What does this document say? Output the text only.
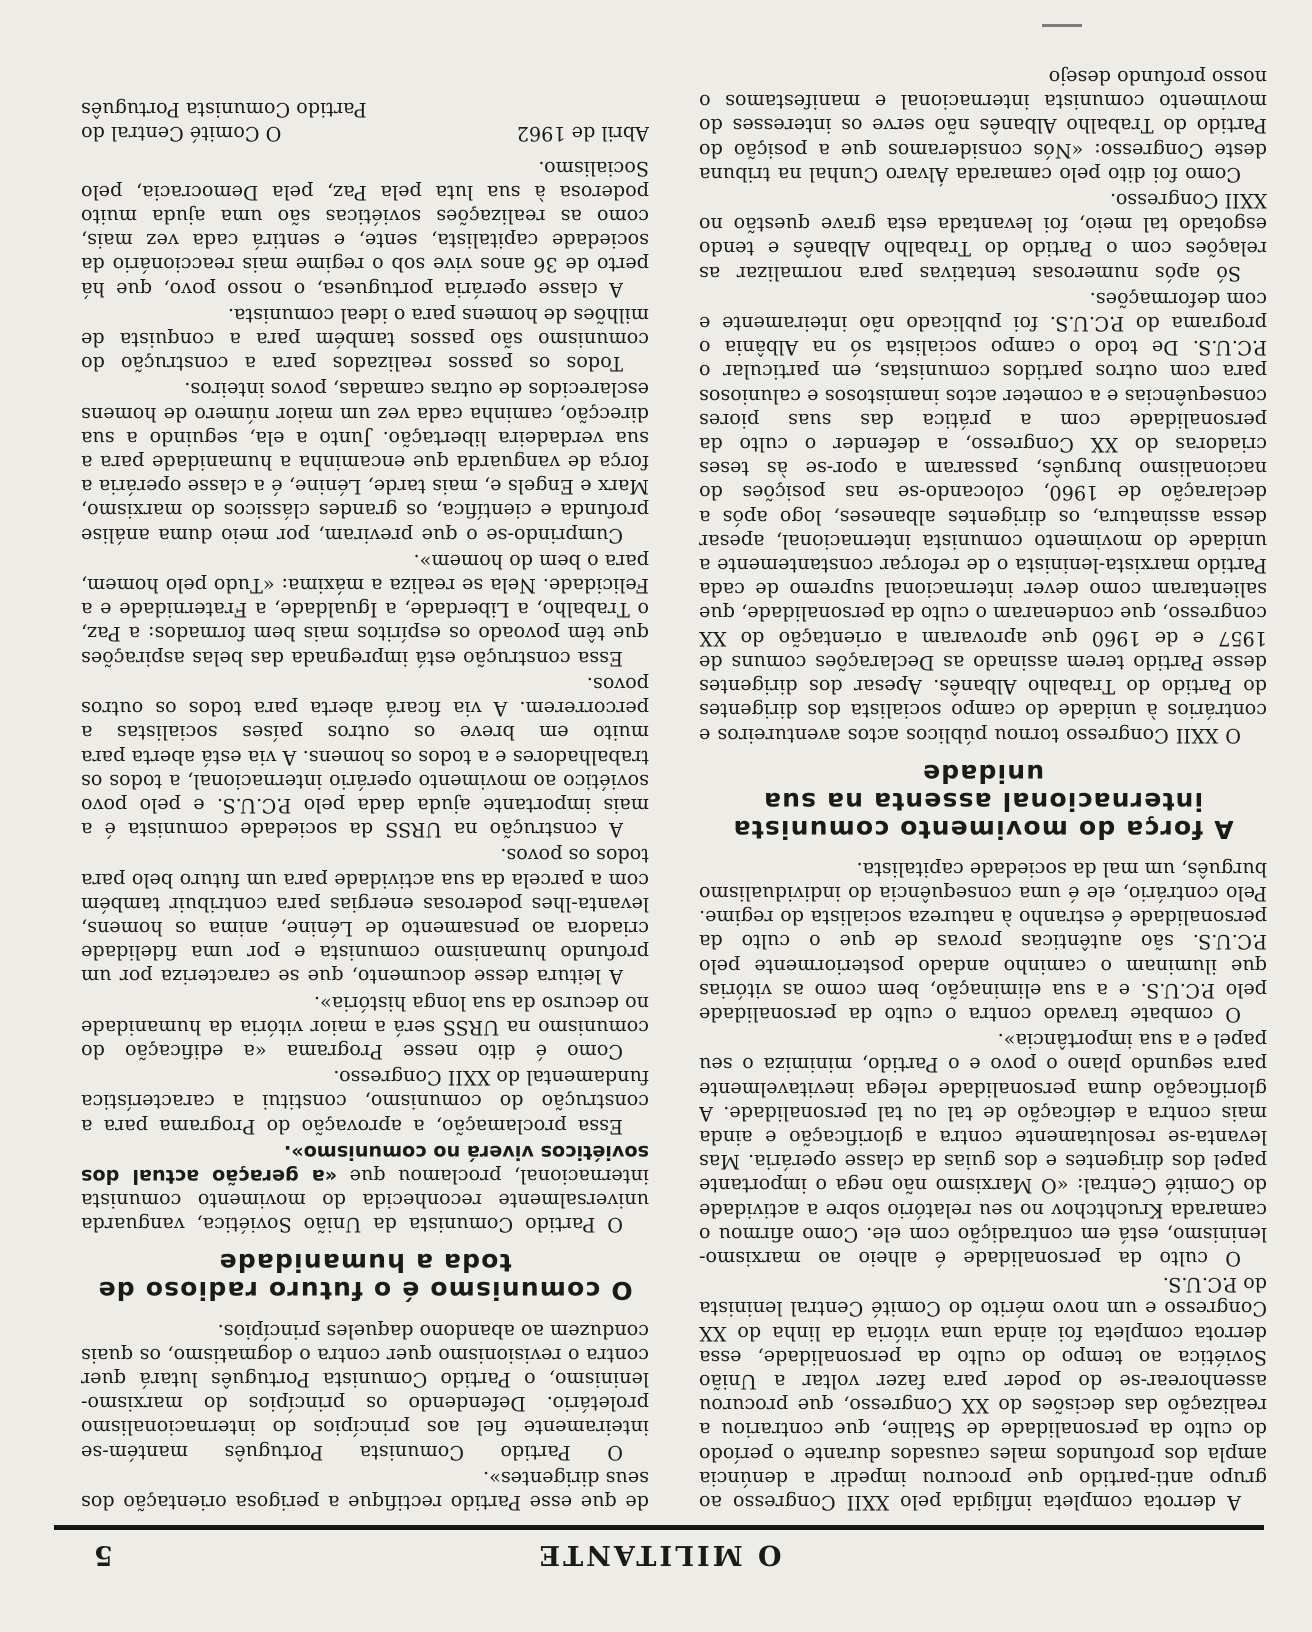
O MILITANTE
5

A derrota completa infligida pelo XXII Congresso ao grupo anti-partido que procurou impedir a denúncia ampla dos profundos males causados durante o período do culto da personalidade de Staline, que contrariou a realização das decisões do XX Congresso, que procurou assenhorear-se do poder para fazer voltar a União Soviética ao tempo do culto da personalidade, essa derrota completa foi ainda uma vitória da linha do XX Congresso e um novo mérito do Comité Central leninista do P.C.U.S.

O culto da personalidade é alheio ao marxismo-leninismo, está em contradição com ele. Como afirmou o camarada Kruchtchov no seu relatório sobre a actividade do Comité Central: «O Marxismo não nega o importante papel dos dirigentes e dos guias da classe operária. Mas levanta-se resolutamente contra a glorificação e ainda mais contra a deificação de tal ou tal personalidade. A glorificação duma personalidade relega inevitavelmente para segundo plano o povo e o Partido, minimiza o seu papel e a sua importância».

O combate travado contra o culto da personalidade pelo P.C.U.S. e a sua eliminação, bem como as vitórias que iluminam o caminho andado posteriormente pelo P.C.U.S. são autênticas provas de que o culto da personalidade é estranho à natureza socialista do regime. Pelo contrário, ele é uma consequência do individualismo burguês, um mal da sociedade capitalista.

A força do movimento comunista internacional assenta na sua unidade

O XXII Congresso tornou públicos actos aventureiros e contrários à unidade do campo socialista dos dirigentes do Partido do Trabalho Albanês. Apesar dos dirigentes desse Partido terem assinado as Declarações comuns de 1957 e de 1960 que aprovaram a orientação do XX congresso, que condenaram o culto da personalidade, que salientaram como dever internacional supremo de cada Partido marxista-leninista o de reforçar constantemente a unidade do movimento comunista internacional, apesar dessa assinatura, os dirigentes albaneses, logo após a declaração de 1960, colocando-se nas posições do nacionalismo burguês, passaram a opor-se às teses criadoras do XX Congresso, a defender o culto da personalidade com a prática das suas piores consequências e a cometer actos inamistosos e caluniosos para com outros partidos comunistas, em particular o P.C.U.S. De todo o campo socialista só na Albânia o programa do P.C.U.S. foi publicado não inteiramente e com deformações.

Só após numerosas tentativas para normalizar as relações com o Partido do Trabalho Albanês e tendo esgotado tal meio, foi levantada esta grave questão no XXII Congresso.

Como foi dito pelo camarada Álvaro Cunhal na tribuna deste Congresso: «Nós consideramos que a posição do Partido do Trabalho Albanês não serve os interesses do movimento comunista internacional e manifestamos o nosso profundo desejo

de que esse Partido rectifique a perigosa orientação dos seus dirigentes».

O Partido Comunista Português mantém-se inteiramente fiel aos princípios do internacionalismo proletário. Defendendo os princípios do marxismo-leninismo, o Partido Comunista Português lutará quer contra o revisionismo quer contra o dogmatismo, os quais conduzem ao abandono daqueles princípios.

O comunismo é o futuro radioso de toda a humanidade

O Partido Comunista da União Soviética, vanguarda universalmente reconhecida do movimento comunista internacional, proclamou que «a geração actual dos soviéticos viverá no comunismo».

Essa proclamação, a aprovação do Programa para a construção do comunismo, constitui a característica fundamental do XXII Congresso.

Como é dito nesse Programa «a edificação do comunismo na URSS será a maior vitória da humanidade no decurso da sua longa história».

A leitura desse documento, que se caracteriza por um profundo humanismo comunista e por uma fidelidade criadora ao pensamento de Lénine, anima os homens, levanta-lhes poderosas energias para contribuir também com a parcela da sua actividade para um futuro belo para todos os povos.

A construção na URSS da sociedade comunista é a mais importante ajuda dada pelo P.C.U.S. e pelo povo soviético ao movimento operário internacional, a todos os trabalhadores e a todos os homens. A via está aberta para muito em breve os outros países socialistas a percorrerem. A via ficará aberta para todos os outros povos.

Essa construção está impregnada das belas aspirações que têm povoado os espíritos mais bem formados: a Paz, o Trabalho, a Liberdade, a Igualdade, a Fraternidade e a Felicidade. Nela se realiza a máxima: «Tudo pelo homem, para o bem do homem».

Cumprindo-se o que previram, por meio duma análise profunda e científica, os grandes clássicos do marxismo, Marx e Engels e, mais tarde, Lénine, é a classe operária a força de vanguarda que encaminha a humanidade para a sua verdadeira libertação. Junto a ela, seguindo a sua direcção, caminha cada vez um maior número de homens esclarecidos de outras camadas, povos inteiros.

Todos os passos realizados para a construção do comunismo são passos também para a conquista de milhões de homens para o ideal comunista.

A classe operária portuguesa, o nosso povo, que há perto de 36 anos vive sob o regime mais reaccionário da sociedade capitalista, sente, e sentirá cada vez mais, como as realizações soviéticas são uma ajuda muito poderosa à sua luta pela Paz, pela Democracia, pelo Socialismo.

Abril de 1962
O Comité Central do
Partido Comunista Português
